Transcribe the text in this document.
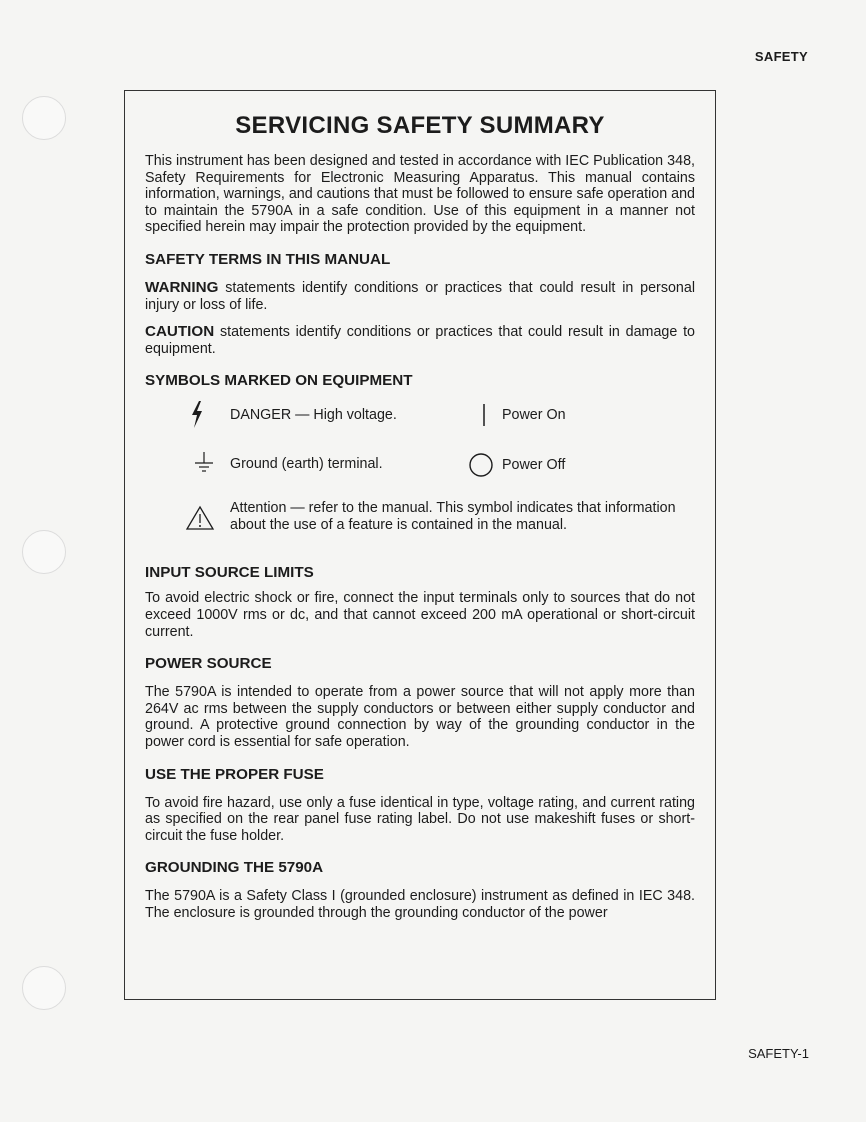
SAFETY
SERVICING SAFETY SUMMARY

This instrument has been designed and tested in accordance with IEC Publication 348, Safety Requirements for Electronic Measuring Apparatus. This manual contains information, warnings, and cautions that must be followed to ensure safe operation and to maintain the 5790A in a safe condition. Use of this equipment in a manner not specified herein may impair the protection provided by the equipment.

SAFETY TERMS IN THIS MANUAL

WARNING statements identify conditions or practices that could result in personal injury or loss of life.

CAUTION statements identify conditions or practices that could result in damage to equipment.

SYMBOLS MARKED ON EQUIPMENT
DANGER — High voltage.	Power On
Ground (earth) terminal.	Power Off
Attention — refer to the manual. This symbol indicates that information about the use of a feature is contained in the manual.
INPUT SOURCE LIMITS

To avoid electric shock or fire, connect the input terminals only to sources that do not exceed 1000V rms or dc, and that cannot exceed 200 mA operational or short-circuit current.

POWER SOURCE

The 5790A is intended to operate from a power source that will not apply more than 264V ac rms between the supply conductors or between either supply conductor and ground. A protective ground connection by way of the grounding conductor in the power cord is essential for safe operation.

USE THE PROPER FUSE

To avoid fire hazard, use only a fuse identical in type, voltage rating, and current rating as specified on the rear panel fuse rating label. Do not use makeshift fuses or short-circuit the fuse holder.

GROUNDING THE 5790A

The 5790A is a Safety Class I (grounded enclosure) instrument as defined in IEC 348. The enclosure is grounded through the grounding conductor of the power

SAFETY-1
